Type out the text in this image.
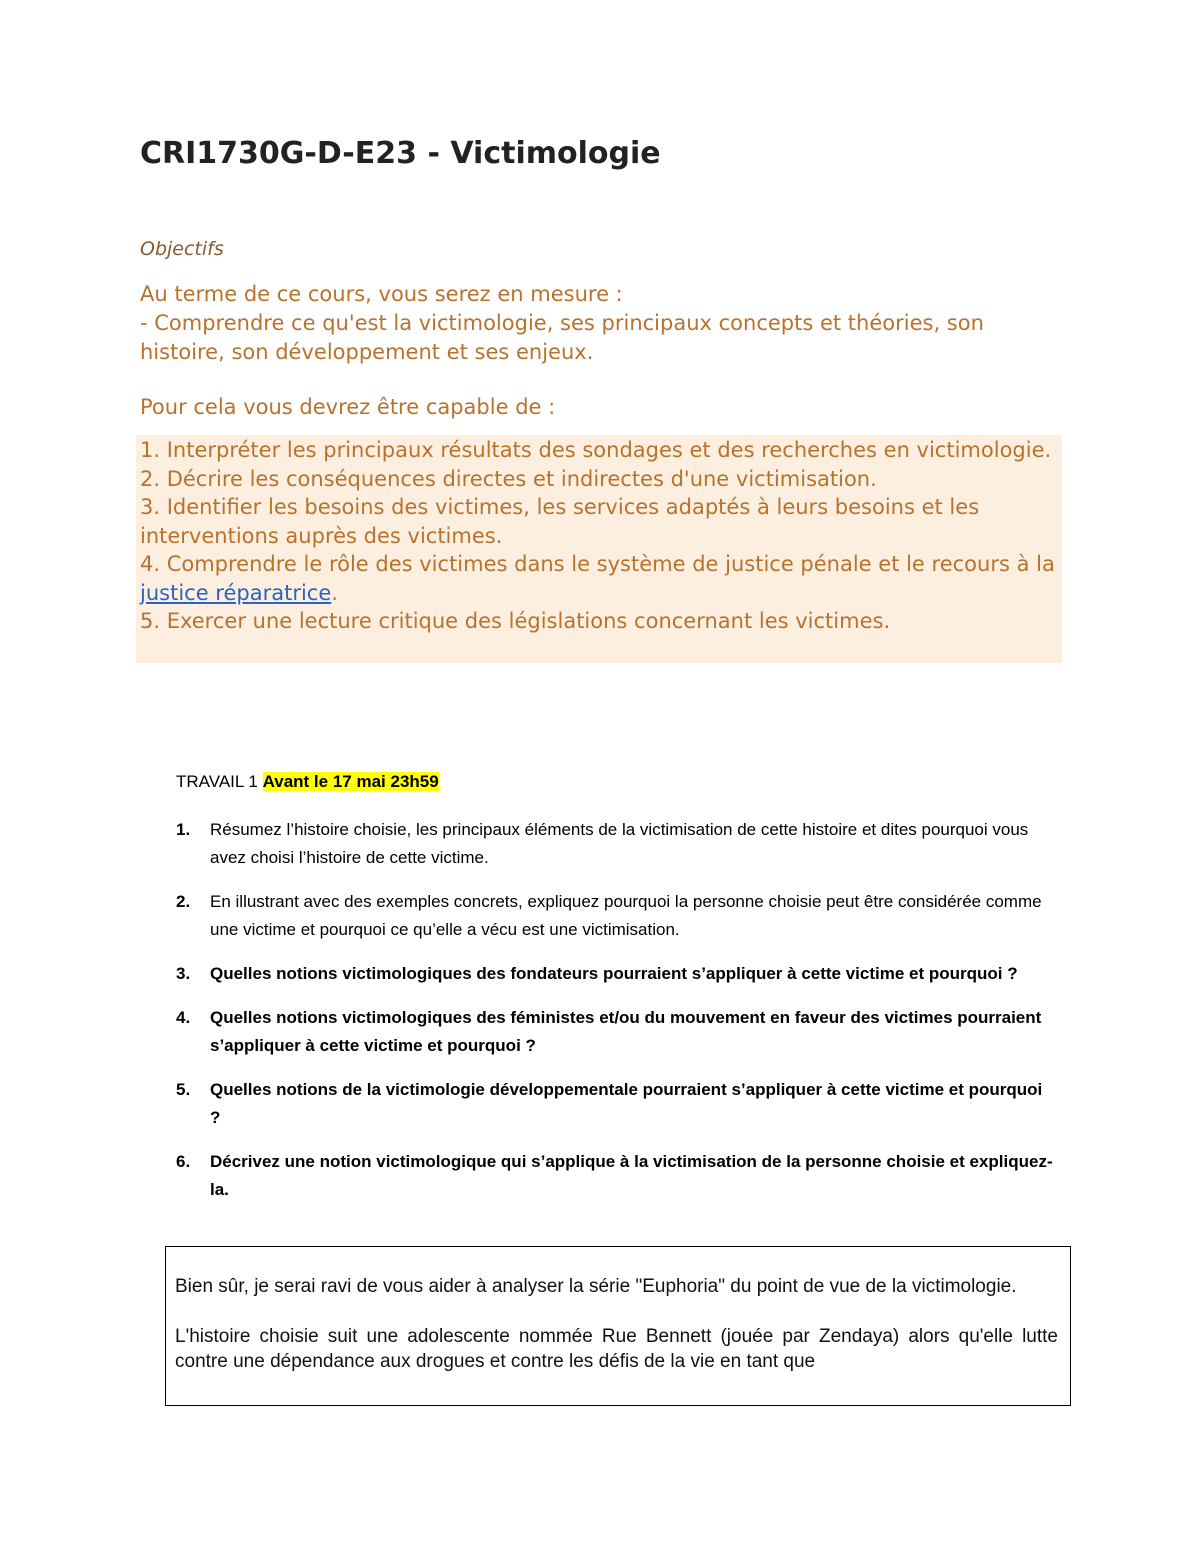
CRI1730G-D-E23 - Victimologie
Objectifs

Au terme de ce cours, vous serez en mesure :

- Comprendre ce qu'est la victimologie, ses principaux concepts et théories, son histoire, son développement et ses enjeux.

Pour cela vous devrez être capable de :

1. Interpréter les principaux résultats des sondages et des recherches en victimologie.

2. Décrire les conséquences directes et indirectes d'une victimisation.

3. Identifier les besoins des victimes, les services adaptés à leurs besoins et les interventions auprès des victimes.

4. Comprendre le rôle des victimes dans le système de justice pénale et le recours à la justice réparatrice.

5. Exercer une lecture critique des législations concernant les victimes.

TRAVAIL 1 Avant le 17 mai 23h59

1. Résumez l’histoire choisie, les principaux éléments de la victimisation de cette histoire et dites pourquoi vous avez choisi l’histoire de cette victime.
2. En illustrant avec des exemples concrets, expliquez pourquoi la personne choisie peut être considérée comme une victime et pourquoi ce qu’elle a vécu est une victimisation.
3. Quelles notions victimologiques des fondateurs pourraient s’appliquer à cette victime et pourquoi ?
4. Quelles notions victimologiques des féministes et/ou du mouvement en faveur des victimes pourraient s’appliquer à cette victime et pourquoi ?
5. Quelles notions de la victimologie développementale pourraient s’appliquer à cette victime et pourquoi ?
6. Décrivez une notion victimologique qui s’applique à la victimisation de la personne choisie et expliquez-la.

Bien sûr, je serai ravi de vous aider à analyser la série "Euphoria" du point de vue de la victimologie.

L'histoire choisie suit une adolescente nommée Rue Bennett (jouée par Zendaya) alors qu'elle lutte contre une dépendance aux drogues et contre les défis de la vie en tant que
